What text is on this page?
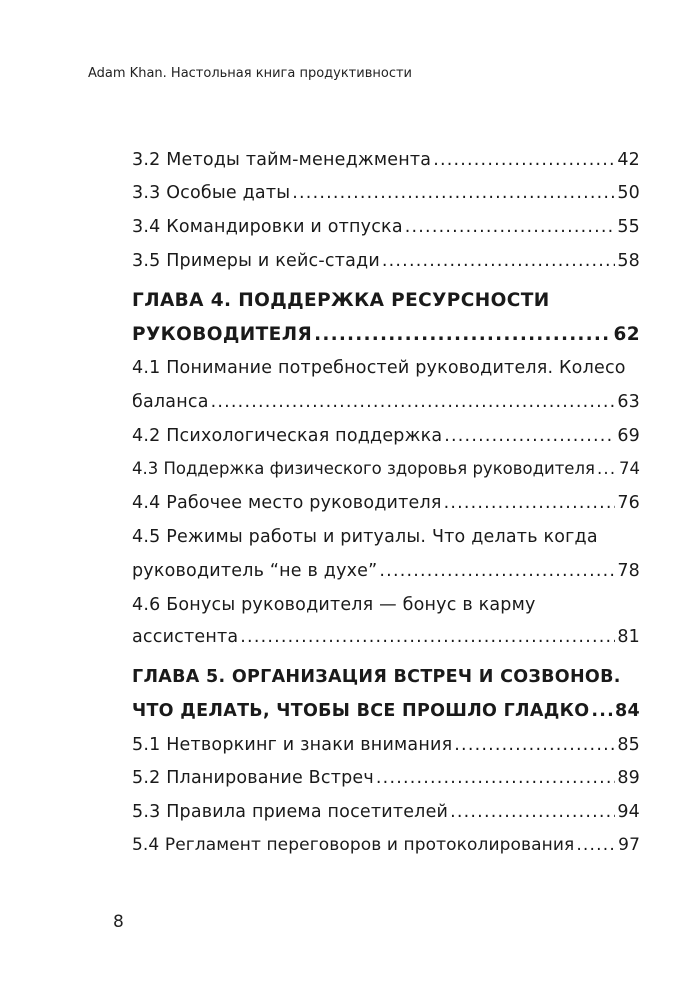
Adam Khan. Настольная книга продуктивности
3.2 Методы тайм-менеджмента .....	42
3.3 Особые даты .....	50
3.4 Командировки и отпуска .....	55
3.5 Примеры и кейс-стади .....	58
ГЛАВА 4. ПОДДЕРЖКА РЕСУРСНОСТИ
РУКОВОДИТЕЛЯ .....	62
4.1 Понимание потребностей руководителя. Колесо
баланса .....	63
4.2 Психологическая поддержка .....	69
4.3 Поддержка физического здоровья руководителя ..... 74
4.4 Рабочее место руководителя .....	76
4.5 Режимы работы и ритуалы. Что делать когда
руководитель “не в духе” .....	78
4.6 Бонусы руководителя — бонус в карму
ассистента .....	81
ГЛАВА 5. ОРГАНИЗАЦИЯ ВСТРЕЧ И СОЗВОНОВ.
ЧТО ДЕЛАТЬ, ЧТОБЫ ВСЕ ПРОШЛО ГЛАДКО ..... 84
5.1 Нетворкинг и знаки внимания .....	85
5.2 Планирование Встреч .....	89
5.3 Правила приема посетителей .....	94
5.4 Регламент переговоров и протоколирования .....	97
8
